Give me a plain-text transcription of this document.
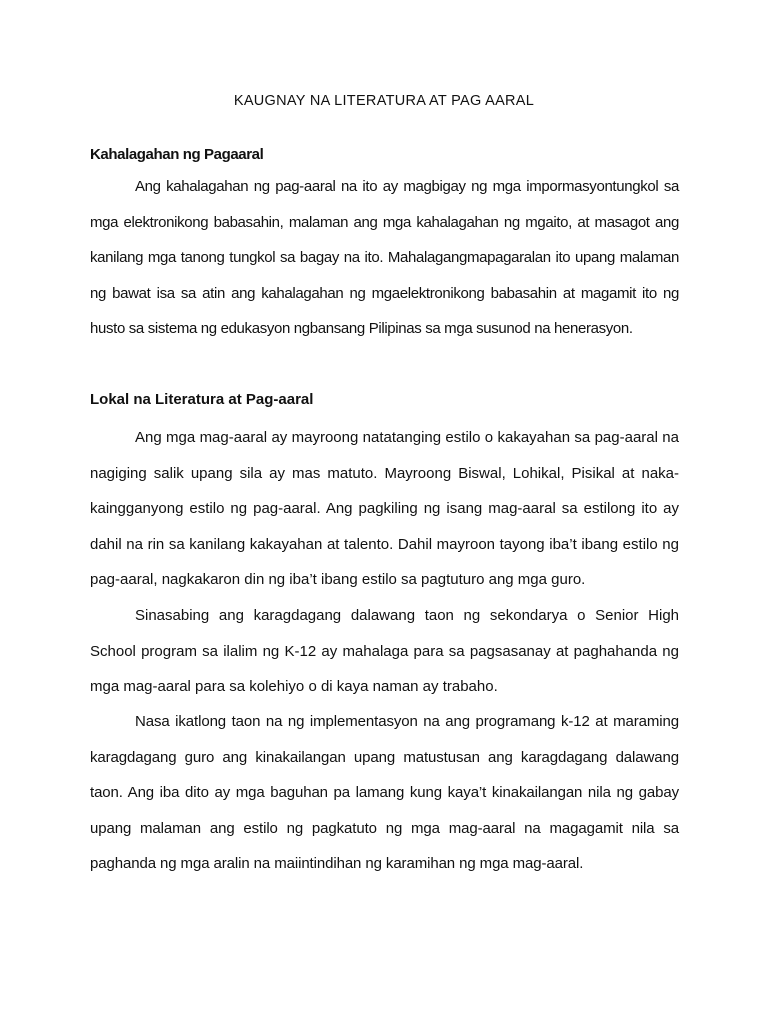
KAUGNAY NA LITERATURA AT PAG AARAL
Kahalagahan ng Pagaaral

Ang kahalagahan ng pag-aaral na ito ay magbigay ng mga impormasyontungkol sa mga elektronikong babasahin, malaman ang mga kahalagahan ng mgaito, at masagot ang kanilang mga tanong tungkol sa bagay na ito. Mahalagangmapagaralan ito upang malaman ng bawat isa sa atin ang kahalagahan ng mgaelektronikong babasahin at magamit ito ng husto sa sistema ng edukasyon ngbansang Pilipinas sa mga susunod na henerasyon.

Lokal na Literatura at Pag-aaral

Ang mga mag-aaral ay mayroong natatanging estilo o kakayahan sa pag-aaral na nagiging salik upang sila ay mas matuto. Mayroong Biswal, Lohikal, Pisikal at naka-kaingganyong estilo ng pag-aaral. Ang pagkiling ng isang mag-aaral sa estilong ito ay dahil na rin sa kanilang kakayahan at talento. Dahil mayroon tayong iba’t ibang estilo ng pag-aaral, nagkakaron din ng iba’t ibang estilo sa pagtuturo ang mga guro.

Sinasabing ang karagdagang dalawang taon ng sekondarya o Senior High School program sa ilalim ng K-12 ay mahalaga para sa pagsasanay at paghahanda ng mga mag-aaral para sa kolehiyo o di kaya naman ay trabaho.

Nasa ikatlong taon na ng implementasyon na ang programang k-12 at maraming karagdagang guro ang kinakailangan upang matustusan ang karagdagang dalawang taon. Ang iba dito ay mga baguhan pa lamang kung kaya’t kinakailangan nila ng gabay upang malaman ang estilo ng pagkatuto ng mga mag-aaral na magagamit nila sa paghanda ng mga aralin na maiintindihan ng karamihan ng mga mag-aaral.
